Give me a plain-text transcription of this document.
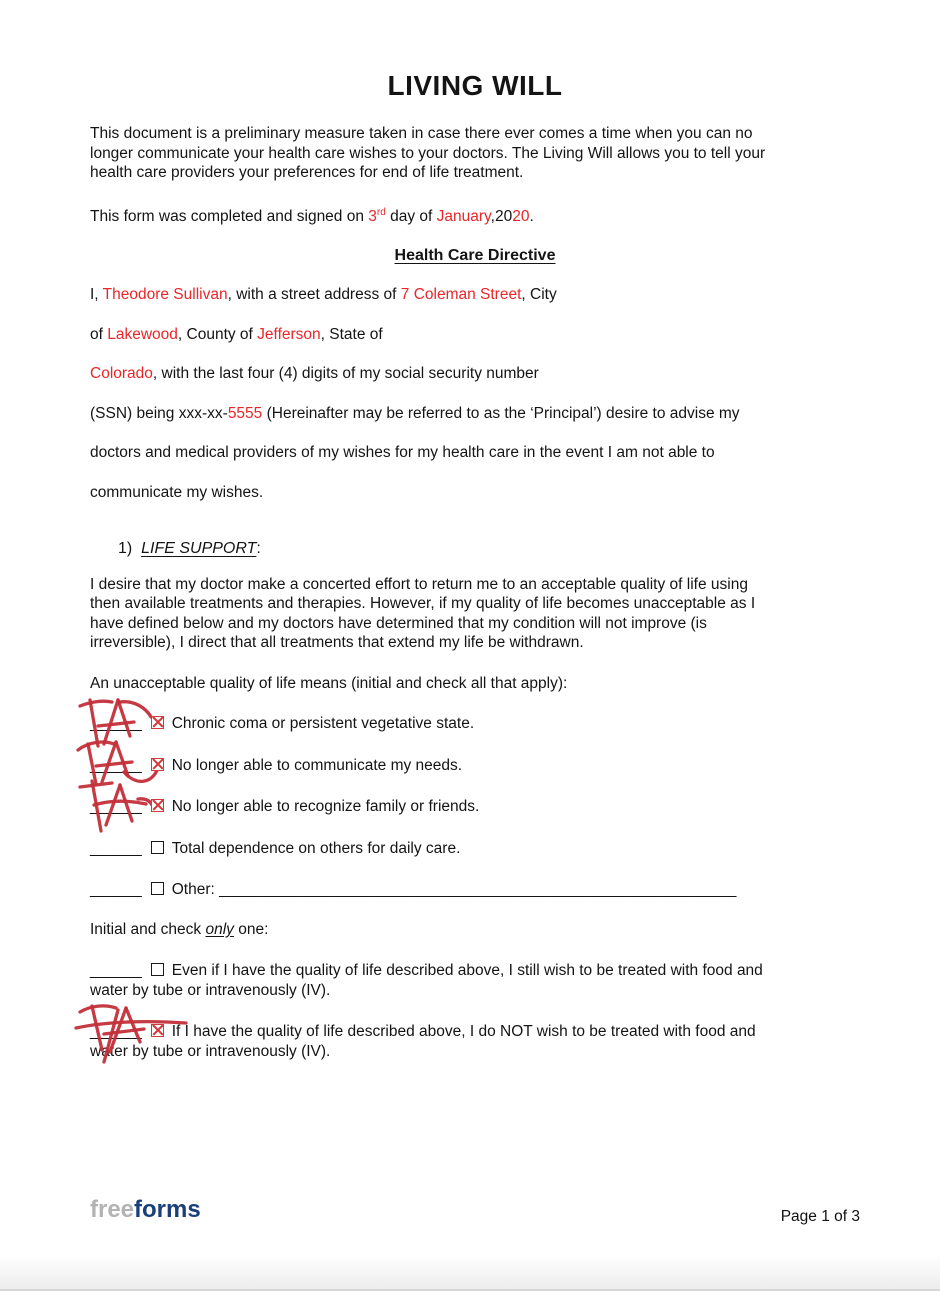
LIVING WILL

This document is a preliminary measure taken in case there ever comes a time when you can no
longer communicate your health care wishes to your doctors. The Living Will allows you to tell your
health care providers your preferences for end of life treatment.

This form was completed and signed on 3rd day of January,2020.

Health Care Directive

I, Theodore Sullivan, with a street address of 7 Coleman Street, City

of Lakewood, County of Jefferson, State of

Colorado, with the last four (4) digits of my social security number

(SSN) being xxx-xx-5555 (Hereinafter may be referred to as the ‘Principal’) desire to advise my

doctors and medical providers of my wishes for my health care in the event I am not able to

communicate my wishes.

1) LIFE SUPPORT:

I desire that my doctor make a concerted effort to return me to an acceptable quality of life using
then available treatments and therapies. However, if my quality of life becomes unacceptable as I
have defined below and my doctors have determined that my condition will not improve (is
irreversible), I direct that all treatments that extend my life be withdrawn.

An unacceptable quality of life means (initial and check all that apply):

______ Chronic coma or persistent vegetative state.
______ No longer able to communicate my needs.
______ No longer able to recognize family or friends.
______ Total dependence on others for daily care.
______ Other: ____________________________________________________________

Initial and check only one:

______ Even if I have the quality of life described above, I still wish to be treated with food and
water by tube or intravenously (IV).
______ If I have the quality of life described above, I do NOT wish to be treated with food and
water by tube or intravenously (IV).
freeforms	Page 1 of 3
